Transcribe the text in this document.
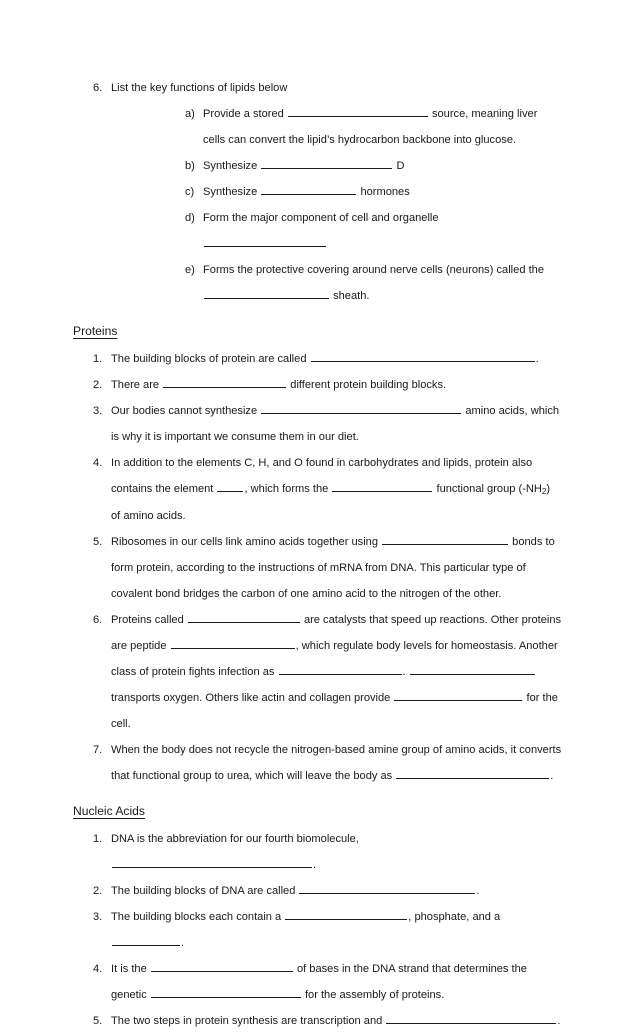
6. List the key functions of lipids below
a) Provide a stored	source, meaning liver cells can convert the lipid’s hydrocarbon backbone into glucose.
b) Synthesize	D
c) Synthesize	hormones
d) Form the major component of cell and organelle
e) Forms the protective covering around nerve cells (neurons) called the  sheath.
Proteins
1. The building blocks of protein are called	.
2. There are	different protein building blocks.
3. Our bodies cannot synthesize	amino acids, which is why it is important we consume them in our diet.
4. In addition to the elements C, H, and O found in carbohydrates and lipids, protein also contains the element	, which forms the	functional group $(-NH_2)$ of amino acids.
5. Ribosomes in our cells link amino acids together using	bonds to form protein, according to the instructions of mRNA from DNA. This particular type of covalent bond bridges the carbon of one amino acid to the nitrogen of the other.
6. Proteins called	are catalysts that speed up reactions. Other proteins are peptide	, which regulate body levels for homeostasis. Another class of protein fights infection as	.  transports oxygen. Others like actin and collagen provide	for the cell.
7. When the body does not recycle the nitrogen-based amine group of amino acids, it converts that functional group to urea, which will leave the body as	.
Nucleic Acids
1. DNA is the abbreviation for our fourth biomolecule, .
2. The building blocks of DNA are called	.
3. The building blocks each contain a	, phosphate, and a .
4. It is the	of bases in the DNA strand that determines the genetic	for the assembly of proteins.
5. The two steps in protein synthesis are transcription and	.
